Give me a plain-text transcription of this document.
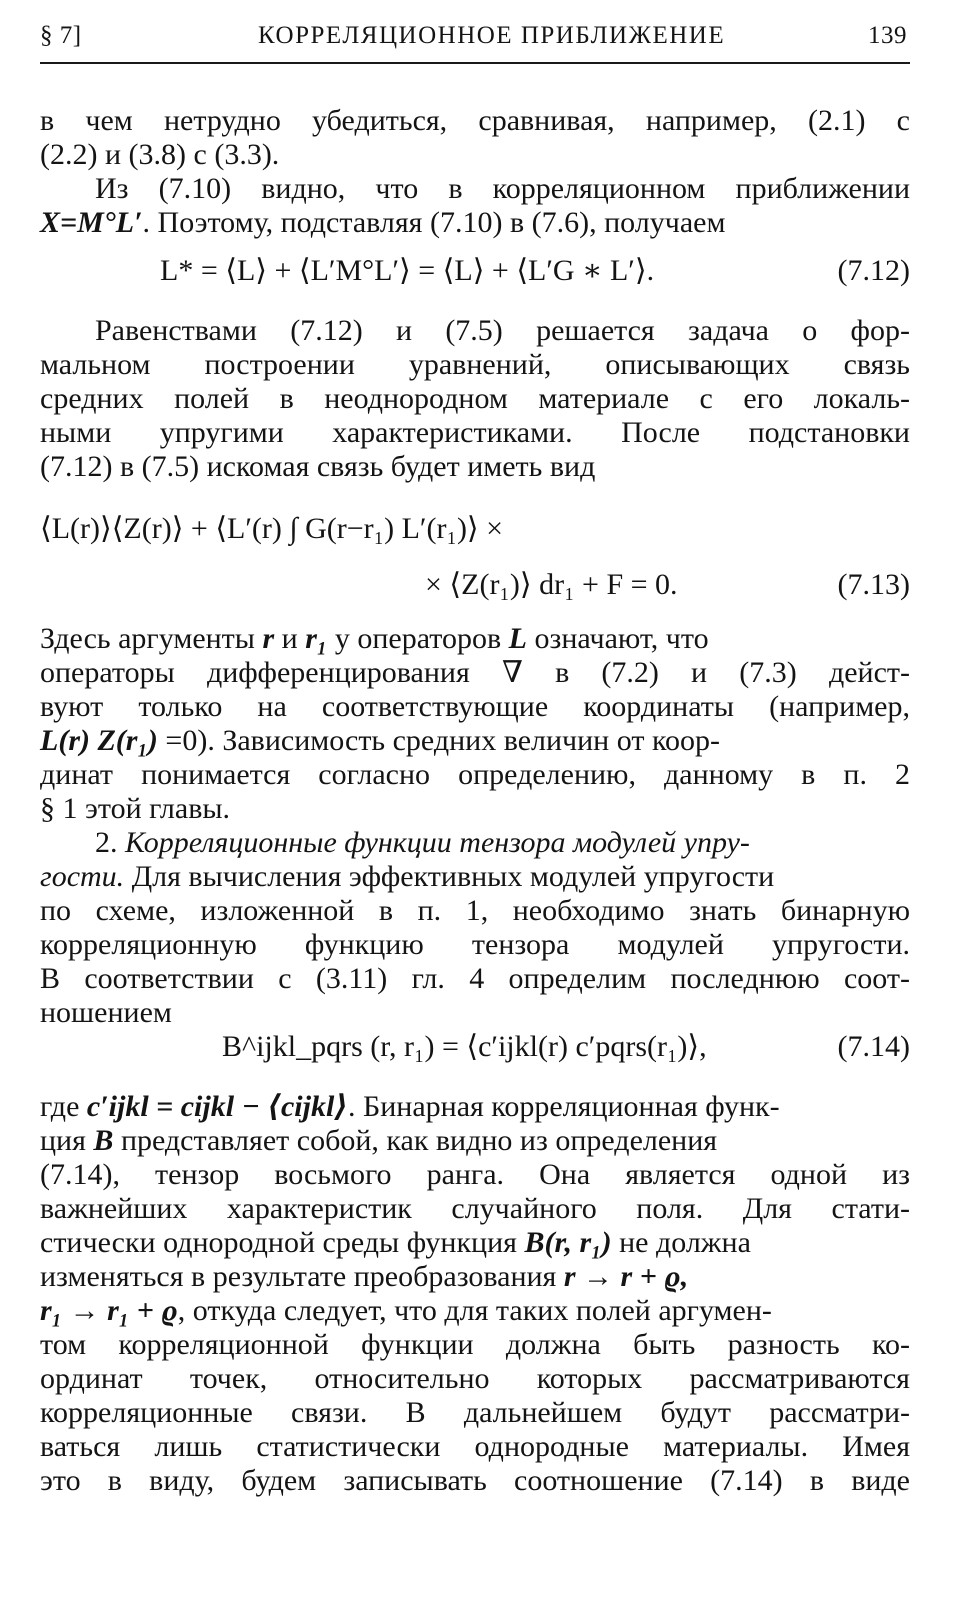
§ 7]	КОРРЕЛЯЦИОННОЕ ПРИБЛИЖЕНИЕ	139
в чем нетрудно убедиться, сравнивая, например, (2.1) с
(2.2) и (3.8) с (3.3).
Из (7.10) видно, что в корреляционном приближении
X=M°L′. Поэтому, подставляя (7.10) в (7.6), получаем
L* = ⟨L⟩ + ⟨L′M°L′⟩ = ⟨L⟩ + ⟨L′G ∗ L′⟩.	(7.12)
Равенствами (7.12) и (7.5) решается задача о фор-
мальном построении уравнений, описывающих связь
средних полей в неоднородном материале с его локаль-
ными упругими характеристиками. После подстановки
(7.12) в (7.5) искомая связь будет иметь вид
⟨L(r)⟩⟨Z(r)⟩ + ⟨L′(r) ∫ G(r−r₁) L′(r₁)⟩ ×
× ⟨Z(r₁)⟩ dr₁ + F = 0.	(7.13)
Здесь аргументы r и r₁ у операторов L означают, что
операторы дифференцирования ∇ в (7.2) и (7.3) дейст-
вуют только на соответствующие координаты (например,
L(r) Z(r₁) =0). Зависимость средних величин от коор-
динат понимается согласно определению, данному в п. 2
§ 1 этой главы.
2. Корреляционные функции тензора модулей упру-
гости. Для вычисления эффективных модулей упругости
по схеме, изложенной в п. 1, необходимо знать бинарную
корреляционную функцию тензора модулей упругости.
В соответствии с (3.11) гл. 4 определим последнюю соот-
ношением
B^ijkl_pqrs (r, r₁) = ⟨c′ijkl(r) c′pqrs(r₁)⟩,	(7.14)
где c′ijkl = cijkl − ⟨cijkl⟩. Бинарная корреляционная функ-
ция B представляет собой, как видно из определения
(7.14), тензор восьмого ранга. Она является одной из
важнейших характеристик случайного поля. Для стати-
стически однородной среды функция B(r, r₁) не должна
изменяться в результате преобразования r → r + ϱ,
r₁ → r₁ + ϱ, откуда следует, что для таких полей аргумен-
том корреляционной функции должна быть разность ко-
ординат точек, относительно которых рассматриваются
корреляционные связи. В дальнейшем будут рассматри-
ваться лишь статистически однородные материалы. Имея
это в виду, будем записывать соотношение (7.14) в виде
